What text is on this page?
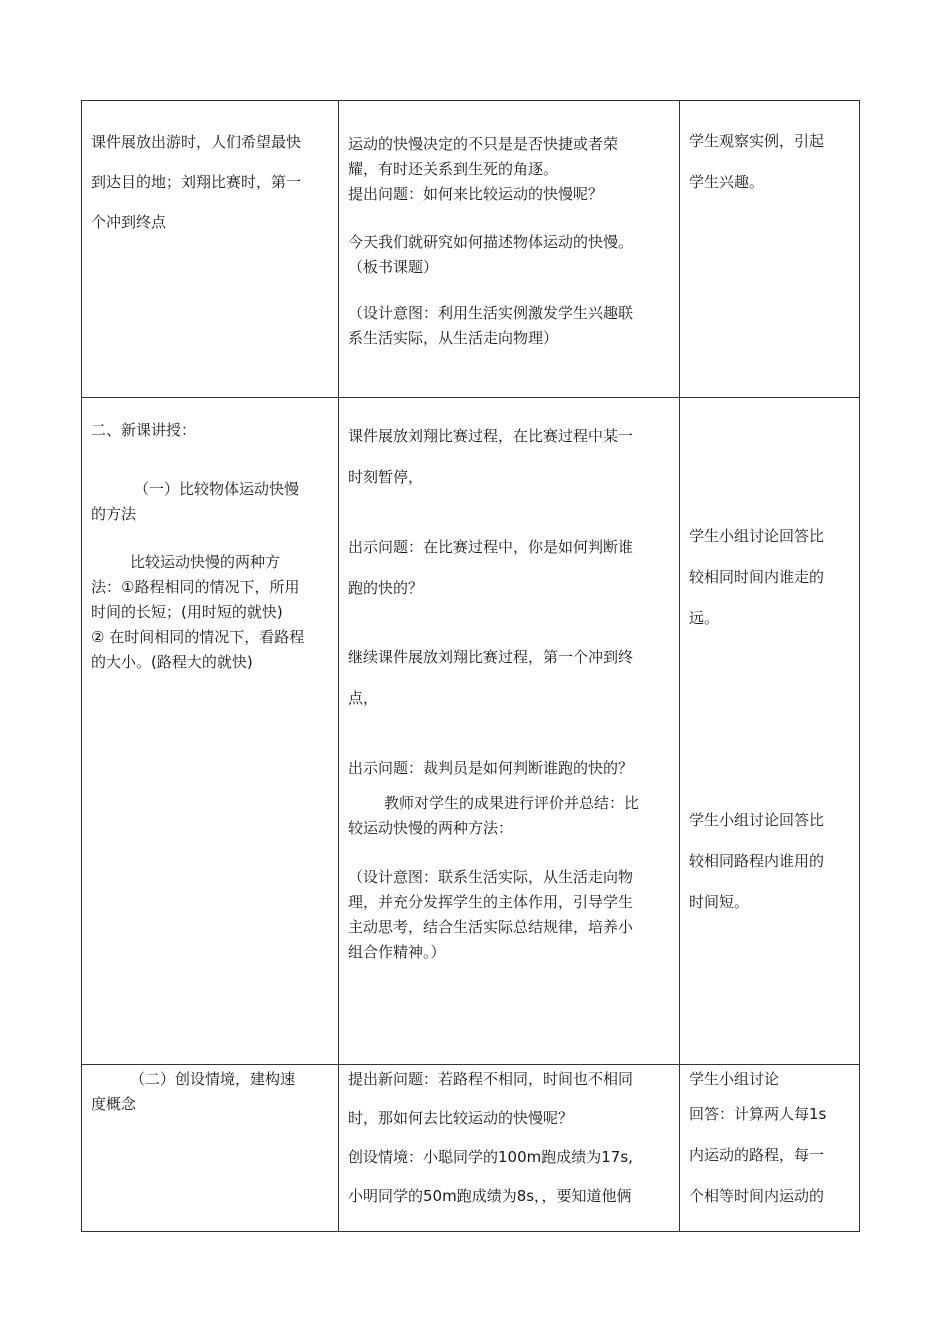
课件展放出游时，人们希望最快
到达目的地；刘翔比赛时，第一
个冲到终点
运动的快慢决定的不只是是否快捷或者荣
耀，有时还关系到生死的角逐。
提出问题：如何来比较运动的快慢呢？
今天我们就研究如何描述物体运动的快慢。
（板书课题）
（设计意图：利用生活实例激发学生兴趣联
系生活实际，从生活走向物理）
学生观察实例，引起
学生兴趣。
二、新课讲授：
（一）比较物体运动快慢
的方法
比较运动快慢的两种方
法：①路程相同的情况下，所用
时间的长短；(用时短的就快)
② 在时间相同的情况下，看路程
的大小。(路程大的就快)
课件展放刘翔比赛过程，在比赛过程中某一
时刻暂停，
出示问题：在比赛过程中，你是如何判断谁
跑的快的？
继续课件展放刘翔比赛过程，第一个冲到终
点，
出示问题：裁判员是如何判断谁跑的快的？
教师对学生的成果进行评价并总结：比
较运动快慢的两种方法：
（设计意图：联系生活实际，从生活走向物
理，并充分发挥学生的主体作用，引导学生
主动思考，结合生活实际总结规律，培养小
组合作精神。）
学生小组讨论回答比
较相同时间内谁走的
远。
学生小组讨论回答比
较相同路程内谁用的
时间短。
（二）创设情境，建构速
度概念
提出新问题：若路程不相同，时间也不相同
时，那如何去比较运动的快慢呢？
创设情境：小聪同学的100m跑成绩为17s,
小明同学的50m跑成绩为8s，，要知道他俩
学生小组讨论
回答：计算两人每1s
内运动的路程，每一
个相等时间内运动的
